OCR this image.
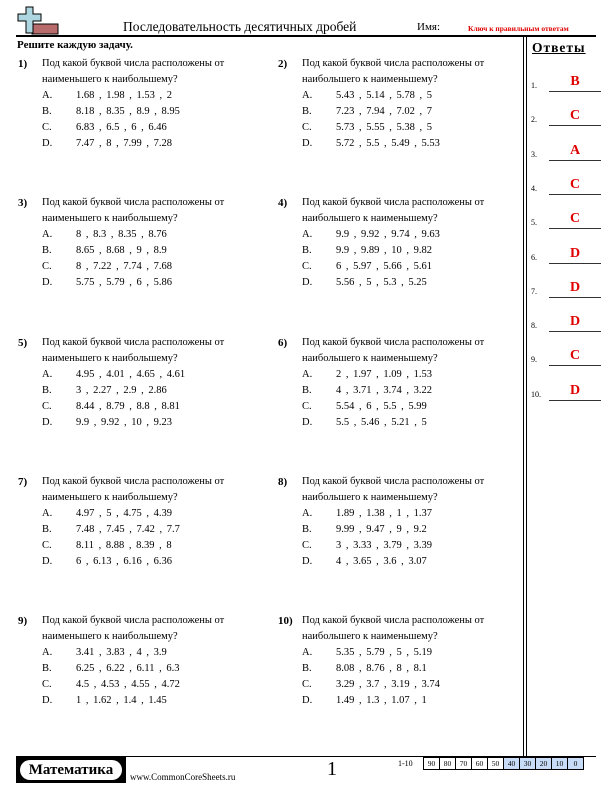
Последовательность десятичных дробей	Имя:	Ключ к правильным ответам
Решите каждую задачу.
1) Под какой буквой числа расположены от наименьшего к наибольшему?
A.	1.68 , 1.98 , 1.53 , 2
B.	8.18 , 8.35 , 8.9 , 8.95
C.	6.83 , 6.5 , 6 , 6.46
D.	7.47 , 8 , 7.99 , 7.28
2) Под какой буквой числа расположены от наибольшего к наименьшему?
A.	5.43 , 5.14 , 5.78 , 5
B.	7.23 , 7.94 , 7.02 , 7
C.	5.73 , 5.55 , 5.38 , 5
D.	5.72 , 5.5 , 5.49 , 5.53
3) Под какой буквой числа расположены от наименьшего к наибольшему?
A.	8 , 8.3 , 8.35 , 8.76
B.	8.65 , 8.68 , 9 , 8.9
C.	8 , 7.22 , 7.74 , 7.68
D.	5.75 , 5.79 , 6 , 5.86
4) Под какой буквой числа расположены от наибольшего к наименьшему?
A.	9.9 , 9.92 , 9.74 , 9.63
B.	9.9 , 9.89 , 10 , 9.82
C.	6 , 5.97 , 5.66 , 5.61
D.	5.56 , 5 , 5.3 , 5.25
5) Под какой буквой числа расположены от наименьшего к наибольшему?
A.	4.95 , 4.01 , 4.65 , 4.61
B.	3 , 2.27 , 2.9 , 2.86
C.	8.44 , 8.79 , 8.8 , 8.81
D.	9.9 , 9.92 , 10 , 9.23
6) Под какой буквой числа расположены от наибольшего к наименьшему?
A.	2 , 1.97 , 1.09 , 1.53
B.	4 , 3.71 , 3.74 , 3.22
C.	5.54 , 6 , 5.5 , 5.99
D.	5.5 , 5.46 , 5.21 , 5
7) Под какой буквой числа расположены от наименьшего к наибольшему?
A.	4.97 , 5 , 4.75 , 4.39
B.	7.48 , 7.45 , 7.42 , 7.7
C.	8.11 , 8.88 , 8.39 , 8
D.	6 , 6.13 , 6.16 , 6.36
8) Под какой буквой числа расположены от наибольшего к наименьшему?
A.	1.89 , 1.38 , 1 , 1.37
B.	9.99 , 9.47 , 9 , 9.2
C.	3 , 3.33 , 3.79 , 3.39
D.	4 , 3.65 , 3.6 , 3.07
9) Под какой буквой числа расположены от наименьшего к наибольшему?
A.	3.41 , 3.83 , 4 , 3.9
B.	6.25 , 6.22 , 6.11 , 6.3
C.	4.5 , 4.53 , 4.55 , 4.72
D.	1 , 1.62 , 1.4 , 1.45
10) Под какой буквой числа расположены от наибольшего к наименьшему?
A.	5.35 , 5.79 , 5 , 5.19
B.	8.08 , 8.76 , 8 , 8.1
C.	3.29 , 3.7 , 3.19 , 3.74
D.	1.49 , 1.3 , 1.07 , 1
Ответы
1.	B
2.	C
3.	A
4.	C
5.	C
6.	D
7.	D
8.	D
9.	C
10.	D
Математика	www.CommonCoreSheets.ru	1	1-10	90	80	70	60	50	40	30	20	10	0
